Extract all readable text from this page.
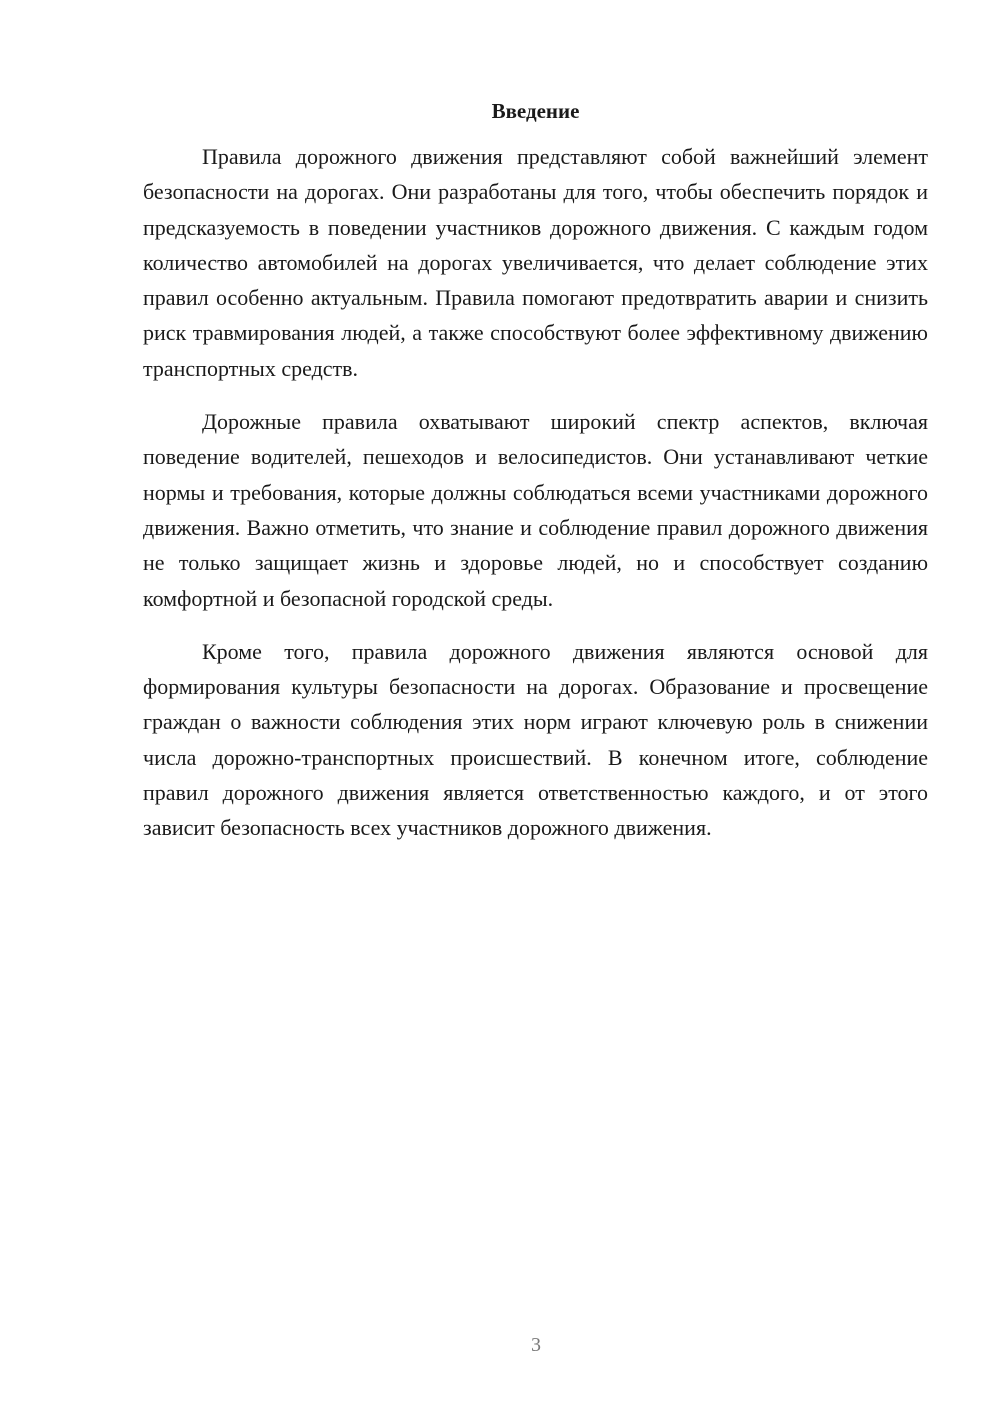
Введение

Правила дорожного движения представляют собой важнейший элемент безопасности на дорогах. Они разработаны для того, чтобы обеспечить порядок и предсказуемость в поведении участников дорожного движения. С каждым годом количество автомобилей на дорогах увеличивается, что делает соблюдение этих правил особенно актуальным. Правила помогают предотвратить аварии и снизить риск травмирования людей, а также способствуют более эффективному движению транспортных средств.

Дорожные правила охватывают широкий спектр аспектов, включая поведение водителей, пешеходов и велосипедистов. Они устанавливают четкие нормы и требования, которые должны соблюдаться всеми участниками дорожного движения. Важно отметить, что знание и соблюдение правил дорожного движения не только защищает жизнь и здоровье людей, но и способствует созданию комфортной и безопасной городской среды.

Кроме того, правила дорожного движения являются основой для формирования культуры безопасности на дорогах. Образование и просвещение граждан о важности соблюдения этих норм играют ключевую роль в снижении числа дорожно-транспортных происшествий. В конечном итоге, соблюдение правил дорожного движения является ответственностью каждого, и от этого зависит безопасность всех участников дорожного движения.

3
